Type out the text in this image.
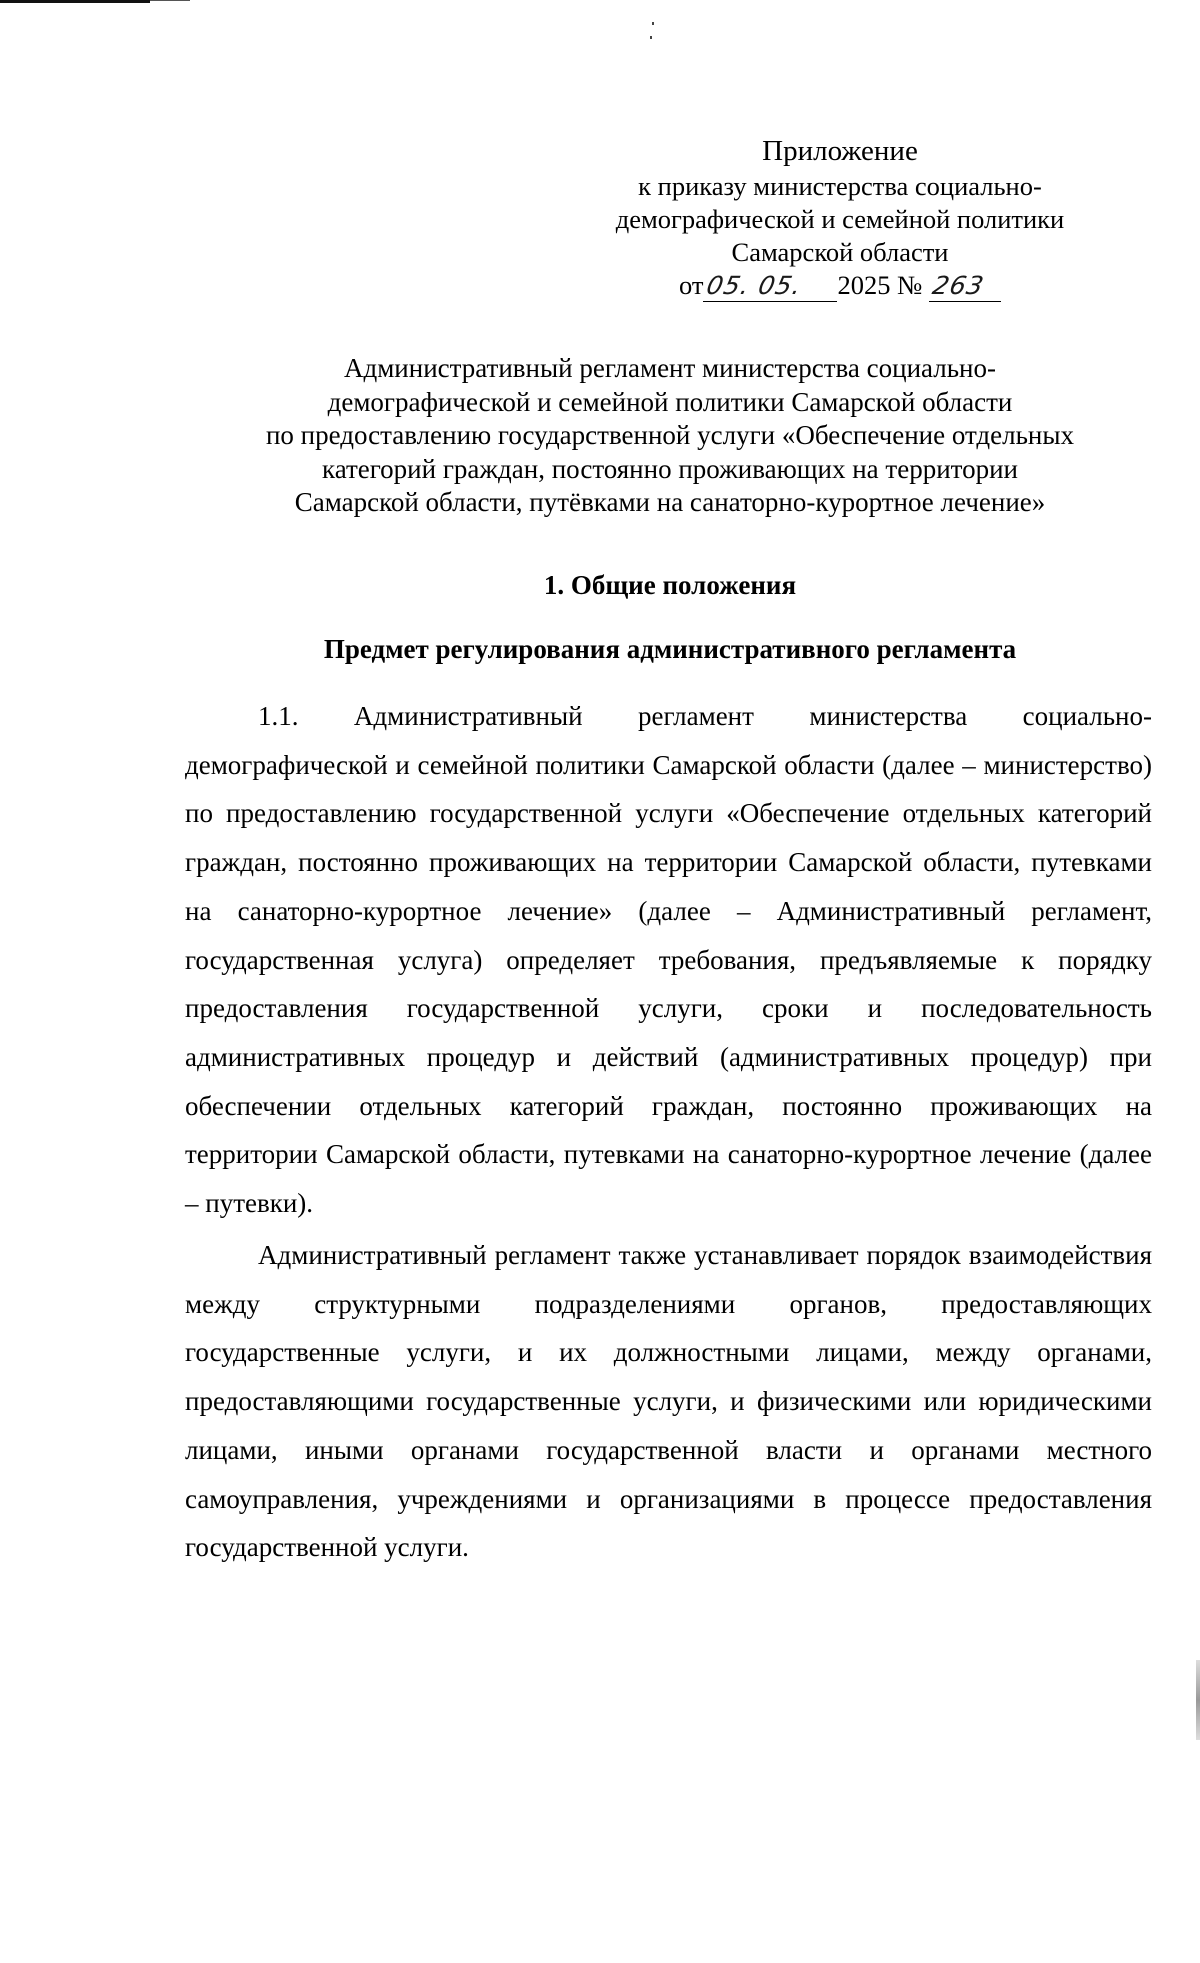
Приложение
к приказу министерства социально-
демографической и семейной политики
Самарской области
от05. 05. 2025 № 263
Административный регламент министерства социально-
демографической и семейной политики Самарской области
по предоставлению государственной услуги «Обеспечение отдельных
категорий граждан, постоянно проживающих на территории
Самарской области, путёвками на санаторно-курортное лечение»
1. Общие положения
Предмет регулирования административного регламента

1.1. Административный регламент министерства социально-демографической и семейной политики Самарской области (далее – министерство) по предоставлению государственной услуги «Обеспечение отдельных категорий граждан, постоянно проживающих на территории Самарской области, путевками на санаторно-курортное лечение» (далее – Административный регламент, государственная услуга) определяет требования, предъявляемые к порядку предоставления государственной услуги, сроки и последовательность административных процедур и действий (административных процедур) при обеспечении отдельных категорий граждан, постоянно проживающих на территории Самарской области, путевками на санаторно-курортное лечение (далее – путевки).

Административный регламент также устанавливает порядок взаимодействия между структурными подразделениями органов, предоставляющих государственные услуги, и их должностными лицами, между органами, предоставляющими государственные услуги, и физическими или юридическими лицами, иными органами государственной власти и органами местного самоуправления, учреждениями и организациями в процессе предоставления государственной услуги.
